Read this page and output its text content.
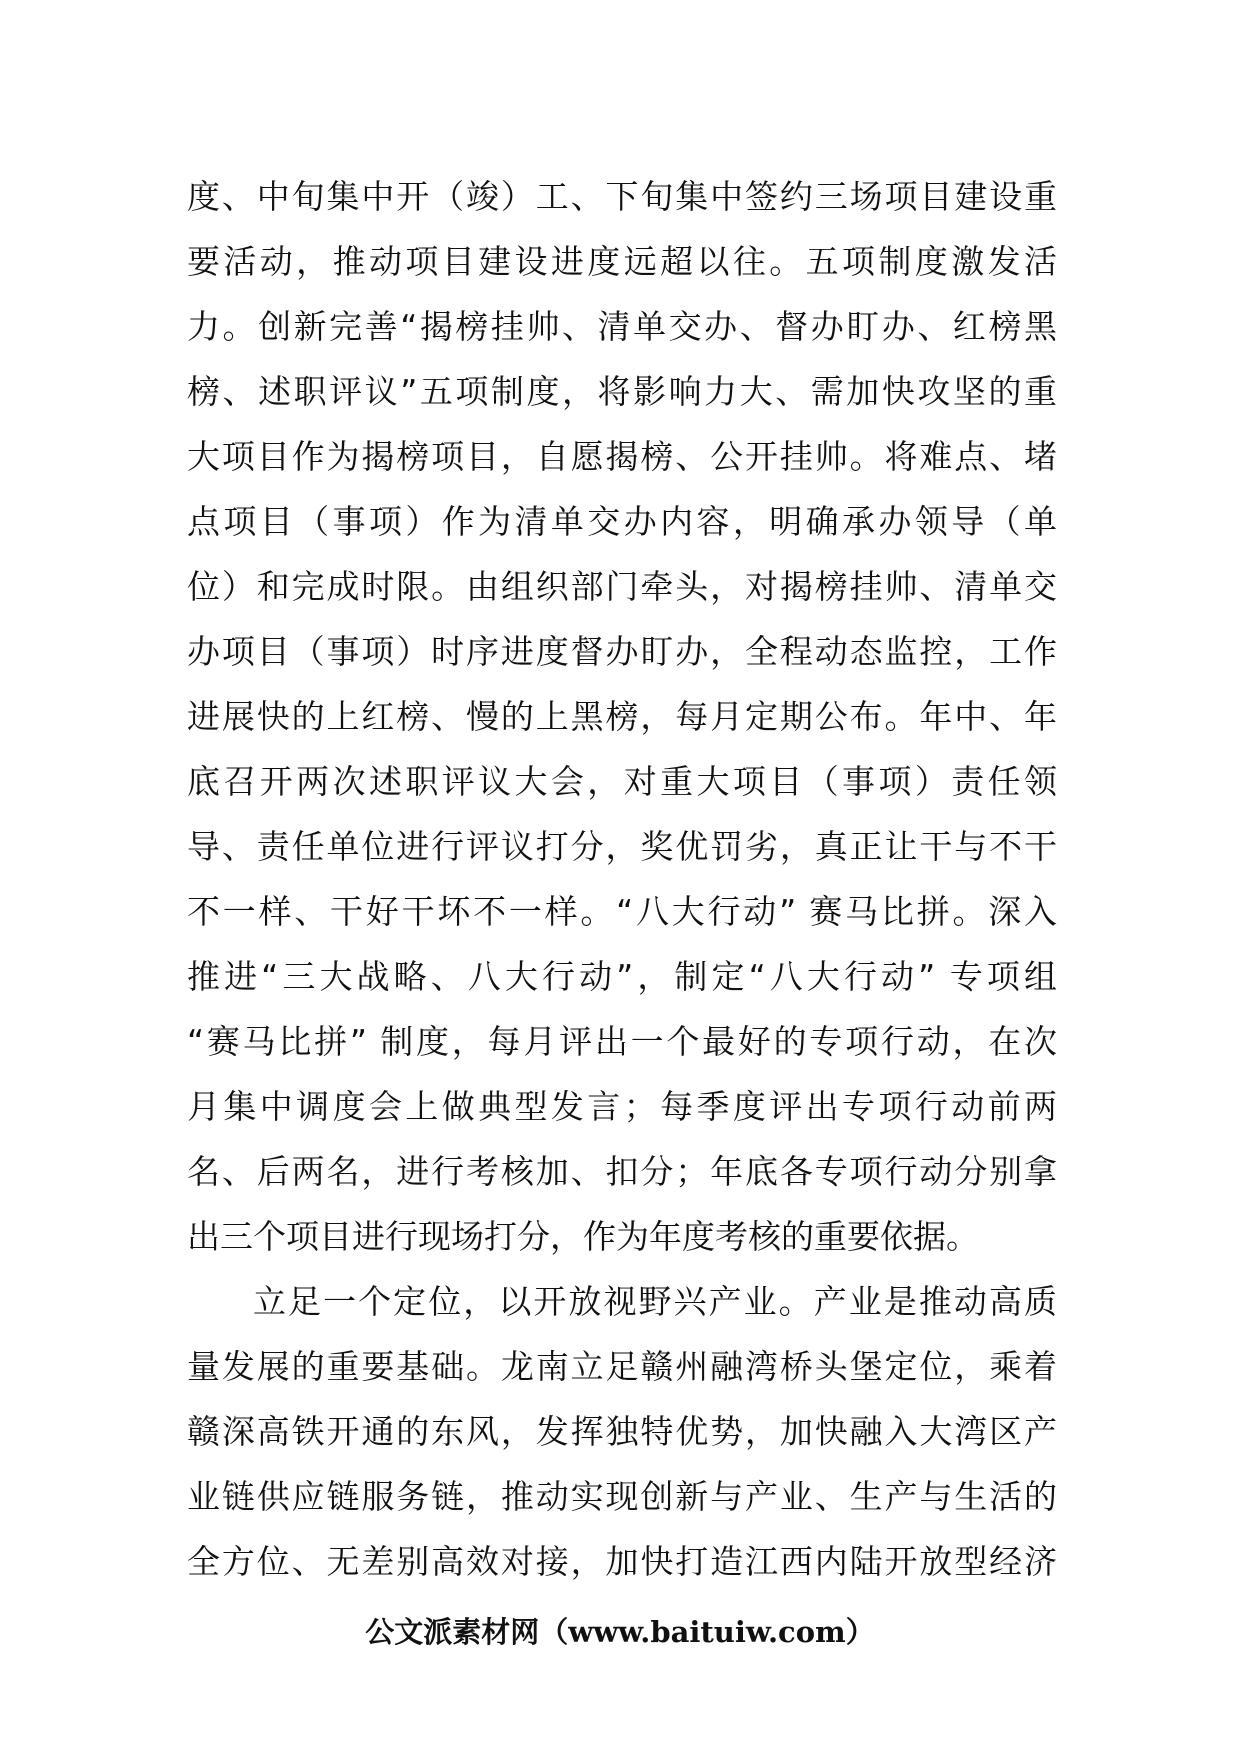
度、中旬集中开（竣）工、下旬集中签约三场项目建设重
要活动，推动项目建设进度远超以往。五项制度激发活
力。创新完善“揭榜挂帅、清单交办、督办盯办、红榜黑
榜、述职评议”五项制度，将影响力大、需加快攻坚的重
大项目作为揭榜项目，自愿揭榜、公开挂帅。将难点、堵
点项目（事项）作为清单交办内容，明确承办领导（单
位）和完成时限。由组织部门牵头，对揭榜挂帅、清单交
办项目（事项）时序进度督办盯办，全程动态监控，工作
进展快的上红榜、慢的上黑榜，每月定期公布。年中、年
底召开两次述职评议大会，对重大项目（事项）责任领
导、责任单位进行评议打分，奖优罚劣，真正让干与不干
不一样、干好干坏不一样。“八大行动” 赛马比拼。深入
推进“三大战略、八大行动”，制定“八大行动” 专项组
“赛马比拼” 制度，每月评出一个最好的专项行动，在次
月集中调度会上做典型发言；每季度评出专项行动前两
名、后两名，进行考核加、扣分；年底各专项行动分别拿
出三个项目进行现场打分，作为年度考核的重要依据。
立足一个定位，以开放视野兴产业。产业是推动高质
量发展的重要基础。龙南立足赣州融湾桥头堡定位，乘着
赣深高铁开通的东风，发挥独特优势，加快融入大湾区产
业链供应链服务链，推动实现创新与产业、生产与生活的
全方位、无差别高效对接，加快打造江西内陆开放型经济
公文派素材网（www.baituiw.com）
